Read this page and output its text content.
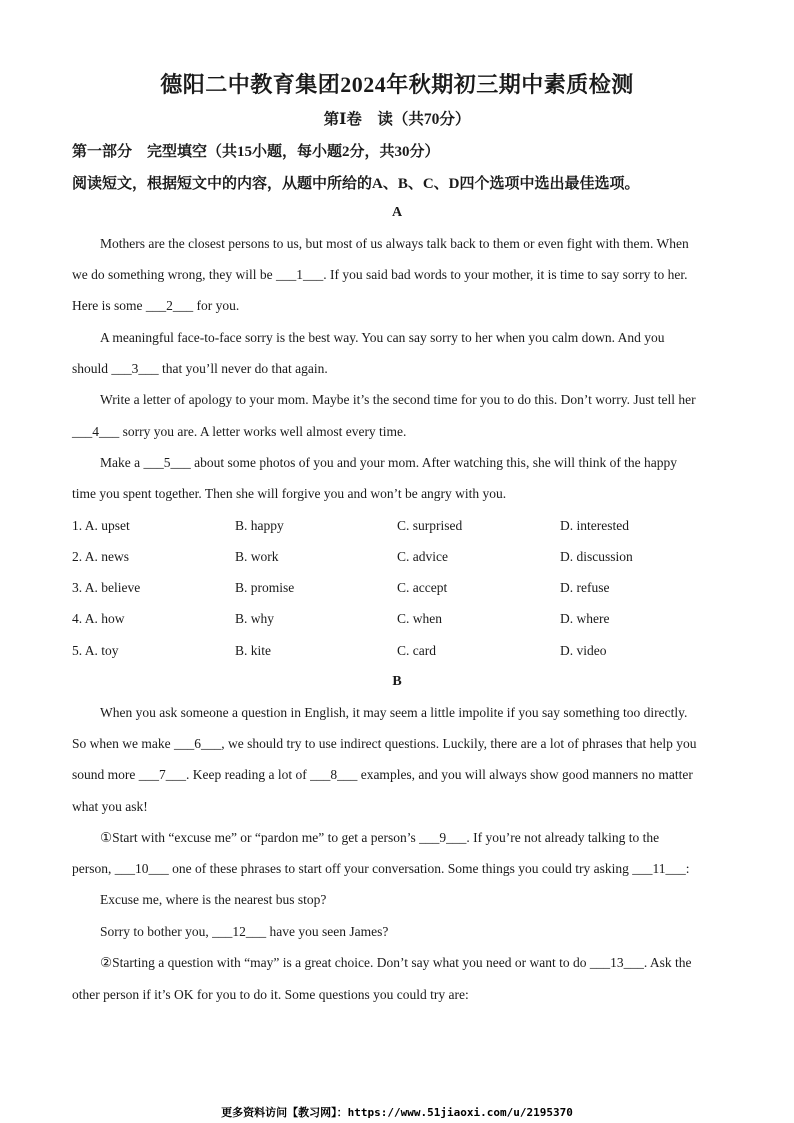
德阳二中教育集团2024年秋期初三期中素质检测
第Ⅰ卷　读（共70分）
第一部分　完型填空（共15小题，每小题2分，共30分）
阅读短文，根据短文中的内容，从题中所给的A、B、C、D四个选项中选出最佳选项。
A
Mothers are the closest persons to us, but most of us always talk back to them or even fight with them. When
we do something wrong, they will be ___1___. If you said bad words to your mother, it is time to say sorry to her.
Here is some ___2___ for you.
A meaningful face-to-face sorry is the best way. You can say sorry to her when you calm down. And you
should ___3___ that you’ll never do that again.
Write a letter of apology to your mom. Maybe it’s the second time for you to do this. Don’t worry. Just tell her
___4___ sorry you are. A letter works well almost every time.
Make a ___5___ about some photos of you and your mom. After watching this, she will think of the happy
time you spent together. Then she will forgive you and won’t be angry with you.
1. A. upset	B. happy	C. surprised	D. interested
2. A. news	B. work	C. advice	D. discussion
3. A. believe	B. promise	C. accept	D. refuse
4. A. how	B. why	C. when	D. where
5. A. toy	B. kite	C. card	D. video
B
When you ask someone a question in English, it may seem a little impolite if you say something too directly.
So when we make ___6___, we should try to use indirect questions. Luckily, there are a lot of phrases that help you
sound more ___7___. Keep reading a lot of ___8___ examples, and you will always show good manners no matter
what you ask!
①Start with “excuse me” or “pardon me” to get a person’s ___9___. If you’re not already talking to the
person, ___10___ one of these phrases to start off your conversation. Some things you could try asking ___11___:
Excuse me, where is the nearest bus stop?
Sorry to bother you, ___12___ have you seen James?
②Starting a question with “may” is a great choice. Don’t say what you need or want to do ___13___. Ask the
other person if it’s OK for you to do it. Some questions you could try are:
更多资料访问【教习网】：https://www.51jiaoxi.com/u/2195370
